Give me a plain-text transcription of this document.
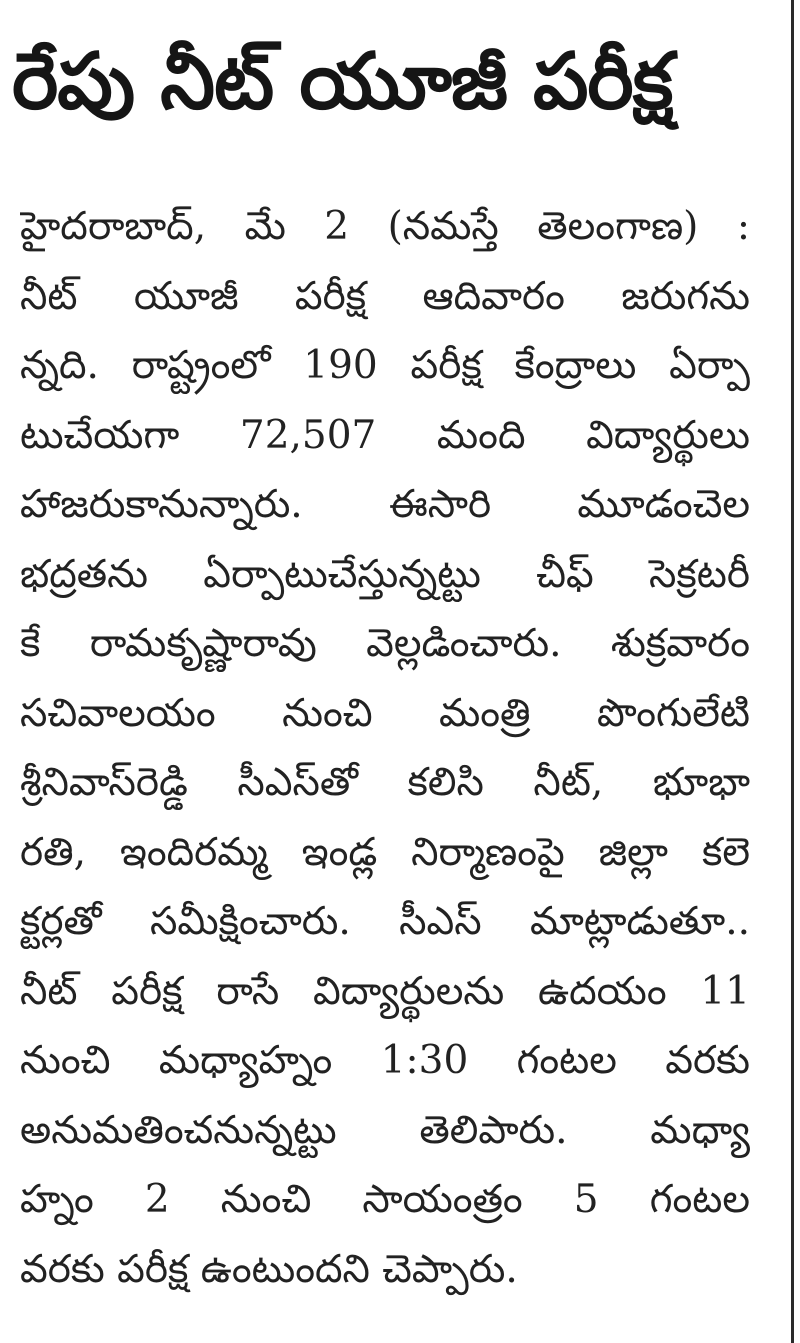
రేపు నీట్ యూజీ పరీక్ష
హైదరాబాద్, మే 2 (నమస్తే తెలంగాణ) :
నీట్ యూజీ పరీక్ష ఆదివారం జరుగను
న్నది. రాష్ట్రంలో 190 పరీక్ష కేంద్రాలు ఏర్పా
టుచేయగా 72,507 మంది విద్యార్థులు
హాజరుకానున్నారు. ఈసారి మూడంచెల
భద్రతను ఏర్పాటుచేస్తున్నట్టు చీఫ్ సెక్రటరీ
కే రామకృష్ణారావు వెల్లడించారు. శుక్రవారం
సచివాలయం నుంచి మంత్రి పొంగులేటి
శ్రీనివాస్‌రెడ్డి సీఎస్‌తో కలిసి నీట్, భూభా
రతి, ఇందిరమ్మ ఇండ్ల నిర్మాణంపై జిల్లా కలె
క్టర్లతో సమీక్షించారు. సీఎస్ మాట్లాడుతూ..
నీట్ పరీక్ష రాసే విద్యార్థులను ఉదయం 11
నుంచి మధ్యాహ్నం 1:30 గంటల వరకు
అనుమతించనున్నట్టు తెలిపారు. మధ్యా
హ్నం 2 నుంచి సాయంత్రం 5 గంటల
వరకు పరీక్ష ఉంటుందని చెప్పారు.
